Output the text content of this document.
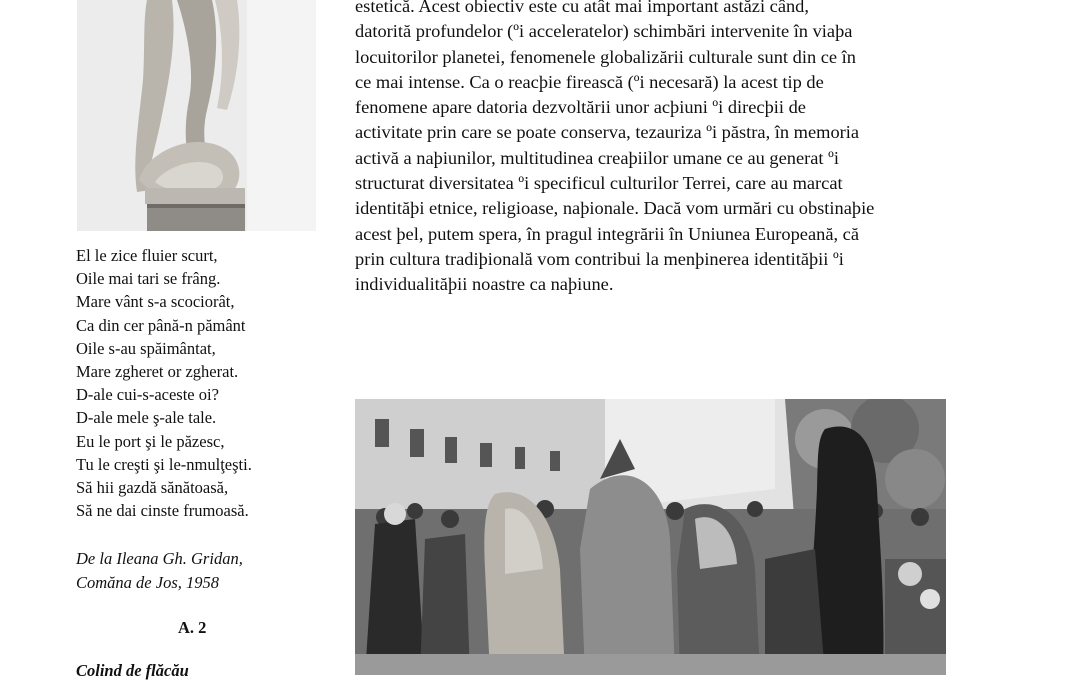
El le zice fluier scurt,
Oile mai tari se frâng.
Mare vânt s-a scociorât,
Ca din cer până-n pământ
Oile s-au spăimântat,
Mare zgheret or zgherat.
D-ale cui-s-aceste oi?
D-ale mele ş-ale tale.
Eu le port şi le păzesc,
Tu le creşti şi le-nmulţeşti.
Să hii gazdă sănătoasă,
Să ne dai cinste frumoasă.
De la Ileana Gh. Gridan,
Comăna de Jos, 1958
A. 2
Colind de flăcău
estetică. Acest obiectiv este cu atât mai important astăzi când,
datorită profundelor (ºi acceleratelor) schimbări intervenite în viaþa
locuitorilor planetei, fenomenele globalizării culturale sunt din ce în
ce mai intense. Ca o reacþie firească (ºi necesară) la acest tip de
fenomene apare datoria dezvoltării unor acþiuni ºi direcþii de
activitate prin care se poate conserva, tezauriza ºi păstra, în memoria
activă a naþiunilor, multitudinea creaþiilor umane ce au generat ºi
structurat diversitatea ºi specificul culturilor Terrei, care au marcat
identităþi etnice, religioase, naþionale. Dacă vom urmări cu obstinaþie
acest þel, putem spera, în pragul integrării în Uniunea Europeană, că
prin cultura tradiþională vom contribui la menþinerea identităþii ºi
individualităþii noastre ca naþiune.
